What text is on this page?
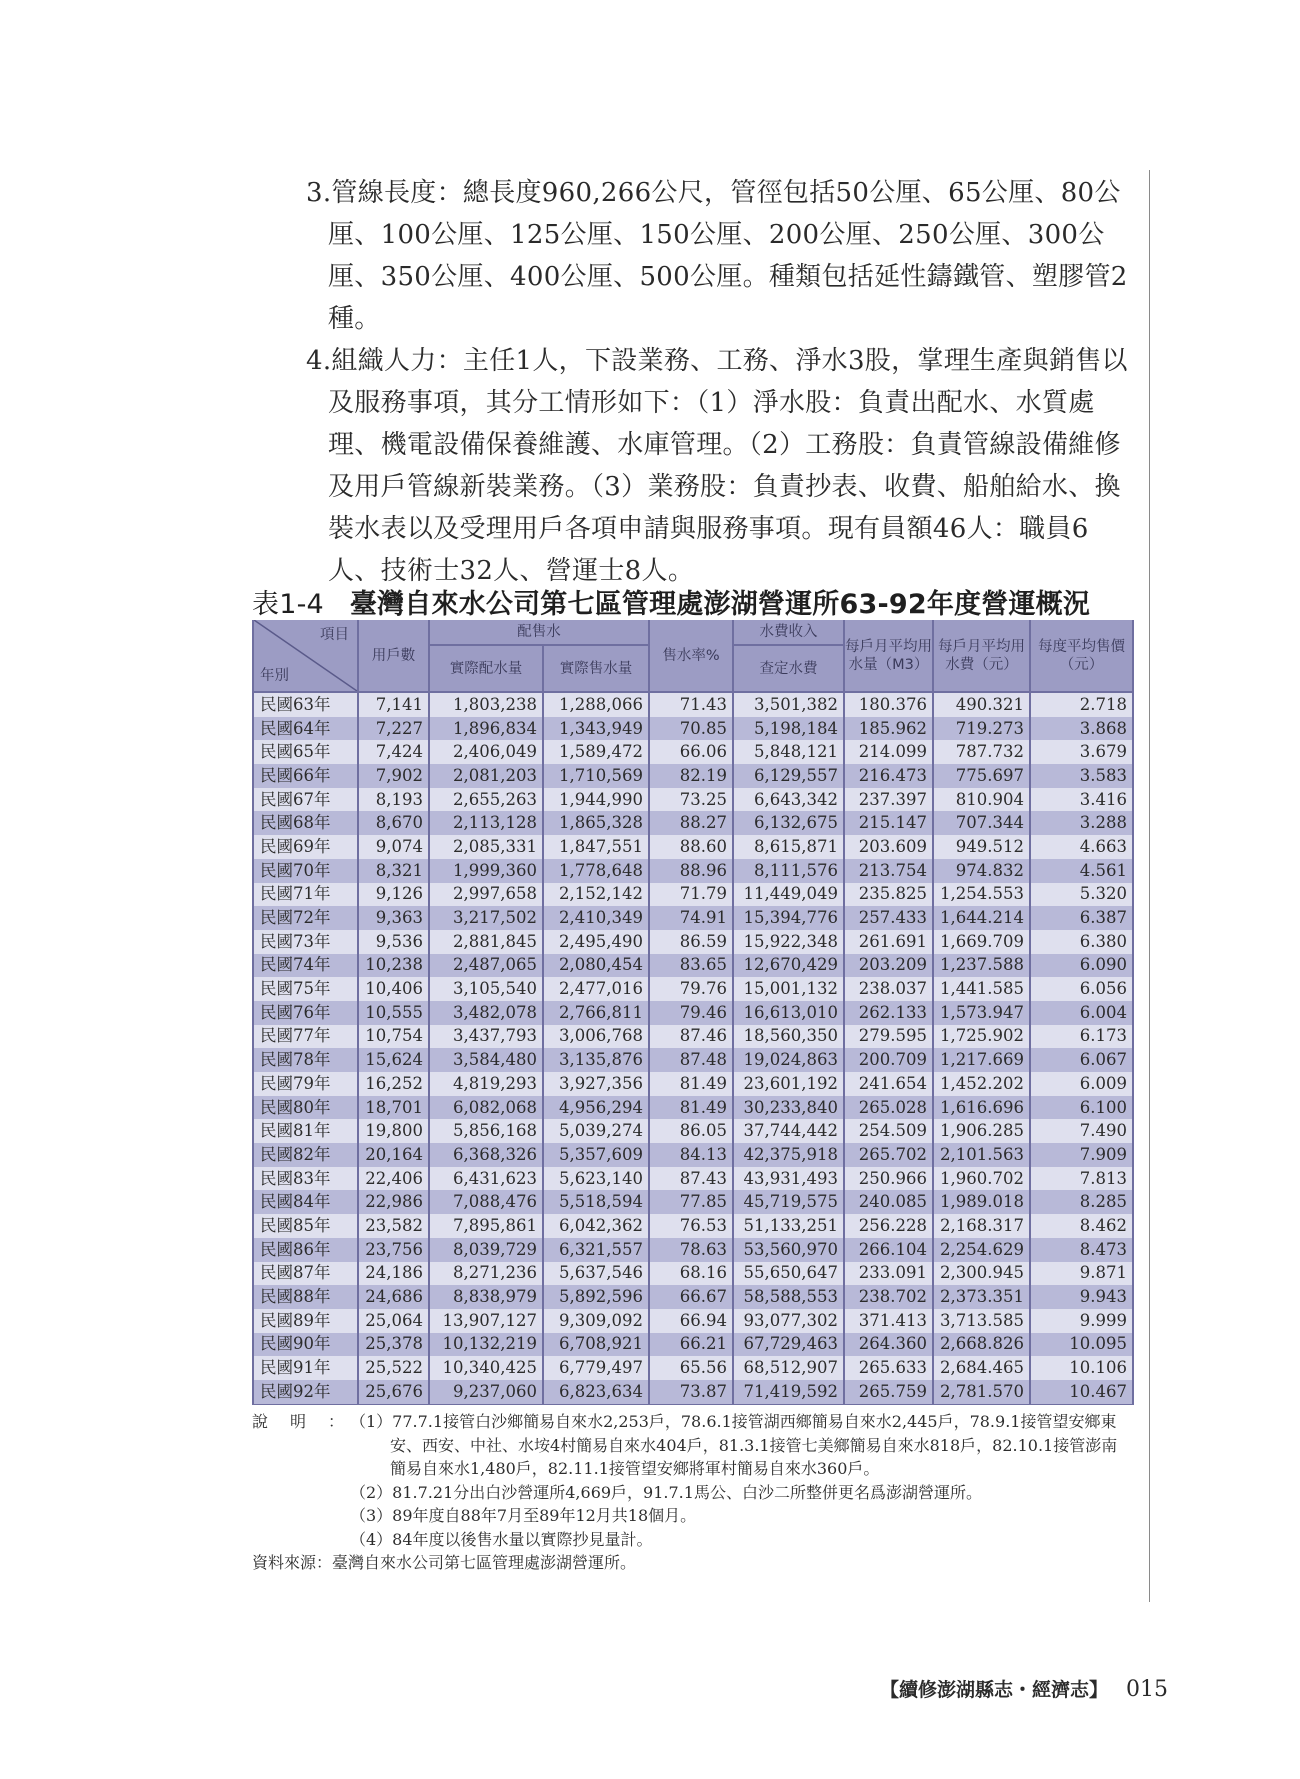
3.管線長度：總長度960,266公尺，管徑包括50公厘、65公厘、80公厘、100公厘、125公厘、150公厘、200公厘、250公厘、300公厘、350公厘、400公厘、500公厘。種類包括延性鑄鐵管、塑膠管2種。

4.組織人力：主任1人，下設業務、工務、淨水3股，掌理生產與銷售以及服務事項，其分工情形如下：（1）淨水股：負責出配水、水質處理、機電設備保養維護、水庫管理。（2）工務股：負責管線設備維修及用戶管線新裝業務。（3）業務股：負責抄表、收費、船舶給水、換裝水表以及受理用戶各項申請與服務事項。現有員額46人：職員6人、技術士32人、營運士8人。

表1-4 臺灣自來水公司第七區管理處澎湖營運所63-92年度營運概況
項目
年別	用戶數	配售水		售水率%	水費收入	每戶月平均用水量（M3）	每戶月平均用水費（元）	每度平均售價（元）
		實際配水量	實際售水量		查定水費			
民國63年	7,141	1,803,238	1,288,066	71.43	3,501,382	180.376	490.321	2.718
民國64年	7,227	1,896,834	1,343,949	70.85	5,198,184	185.962	719.273	3.868
民國65年	7,424	2,406,049	1,589,472	66.06	5,848,121	214.099	787.732	3.679
民國66年	7,902	2,081,203	1,710,569	82.19	6,129,557	216.473	775.697	3.583
民國67年	8,193	2,655,263	1,944,990	73.25	6,643,342	237.397	810.904	3.416
民國68年	8,670	2,113,128	1,865,328	88.27	6,132,675	215.147	707.344	3.288
民國69年	9,074	2,085,331	1,847,551	88.60	8,615,871	203.609	949.512	4.663
民國70年	8,321	1,999,360	1,778,648	88.96	8,111,576	213.754	974.832	4.561
民國71年	9,126	2,997,658	2,152,142	71.79	11,449,049	235.825	1,254.553	5.320
民國72年	9,363	3,217,502	2,410,349	74.91	15,394,776	257.433	1,644.214	6.387
民國73年	9,536	2,881,845	2,495,490	86.59	15,922,348	261.691	1,669.709	6.380
民國74年	10,238	2,487,065	2,080,454	83.65	12,670,429	203.209	1,237.588	6.090
民國75年	10,406	3,105,540	2,477,016	79.76	15,001,132	238.037	1,441.585	6.056
民國76年	10,555	3,482,078	2,766,811	79.46	16,613,010	262.133	1,573.947	6.004
民國77年	10,754	3,437,793	3,006,768	87.46	18,560,350	279.595	1,725.902	6.173
民國78年	15,624	3,584,480	3,135,876	87.48	19,024,863	200.709	1,217.669	6.067
民國79年	16,252	4,819,293	3,927,356	81.49	23,601,192	241.654	1,452.202	6.009
民國80年	18,701	6,082,068	4,956,294	81.49	30,233,840	265.028	1,616.696	6.100
民國81年	19,800	5,856,168	5,039,274	86.05	37,744,442	254.509	1,906.285	7.490
民國82年	20,164	6,368,326	5,357,609	84.13	42,375,918	265.702	2,101.563	7.909
民國83年	22,406	6,431,623	5,623,140	87.43	43,931,493	250.966	1,960.702	7.813
民國84年	22,986	7,088,476	5,518,594	77.85	45,719,575	240.085	1,989.018	8.285
民國85年	23,582	7,895,861	6,042,362	76.53	51,133,251	256.228	2,168.317	8.462
民國86年	23,756	8,039,729	6,321,557	78.63	53,560,970	266.104	2,254.629	8.473
民國87年	24,186	8,271,236	5,637,546	68.16	55,650,647	233.091	2,300.945	9.871
民國88年	24,686	8,838,979	5,892,596	66.67	58,588,553	238.702	2,373.351	9.943
民國89年	25,064	13,907,127	9,309,092	66.94	93,077,302	371.413	3,713.585	9.999
民國90年	25,378	10,132,219	6,708,921	66.21	67,729,463	264.360	2,668.826	10.095
民國91年	25,522	10,340,425	6,779,497	65.56	68,512,907	265.633	2,684.465	10.106
民國92年	25,676	9,237,060	6,823,634	73.87	71,419,592	265.759	2,781.570	10.467
說明：
（1）77.7.1接管白沙鄉簡易自來水2,253戶，78.6.1接管湖西鄉簡易自來水2,445戶，78.9.1接管望安鄉東安、西安、中社、水垵4村簡易自來水404戶，81.3.1接管七美鄉簡易自來水818戶，82.10.1接管澎南簡易自來水1,480戶，82.11.1接管望安鄉將軍村簡易自來水360戶。
（2）81.7.21分出白沙營運所4,669戶，91.7.1馬公、白沙二所整併更名爲澎湖營運所。
（3）89年度自88年7月至89年12月共18個月。
（4）84年度以後售水量以實際抄見量計。
資料來源：臺灣自來水公司第七區管理處澎湖營運所。
【續修澎湖縣志・經濟志】 015
